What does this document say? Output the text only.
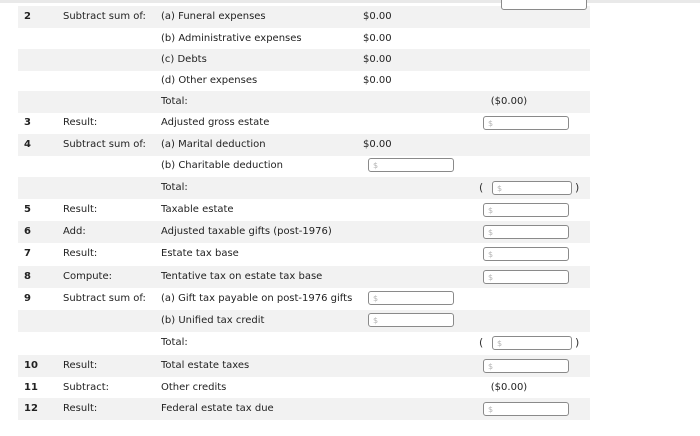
2	Subtract sum of: (a) Funeral expenses	$0.00
(b) Administrative expenses	$0.00
(c) Debts	$0.00
(d) Other expenses	$0.00
Total:	($0.00)
3	Result:	Adjusted gross estate	$
4	Subtract sum of: (a) Marital deduction	$0.00
(b) Charitable deduction	$
Total:	( $	)
5	Result:	Taxable estate	$
6	Add:	Adjusted taxable gifts (post-1976)	$
7	Result:	Estate tax base	$
8	Compute:	Tentative tax on estate tax base	$
9	Subtract sum of: (a) Gift tax payable on post-1976 gifts	$
(b) Unified tax credit	$
Total:	( $	)
10	Result:	Total estate taxes	$
11	Subtract:	Other credits	($0.00)
12	Result:	Federal estate tax due	$
